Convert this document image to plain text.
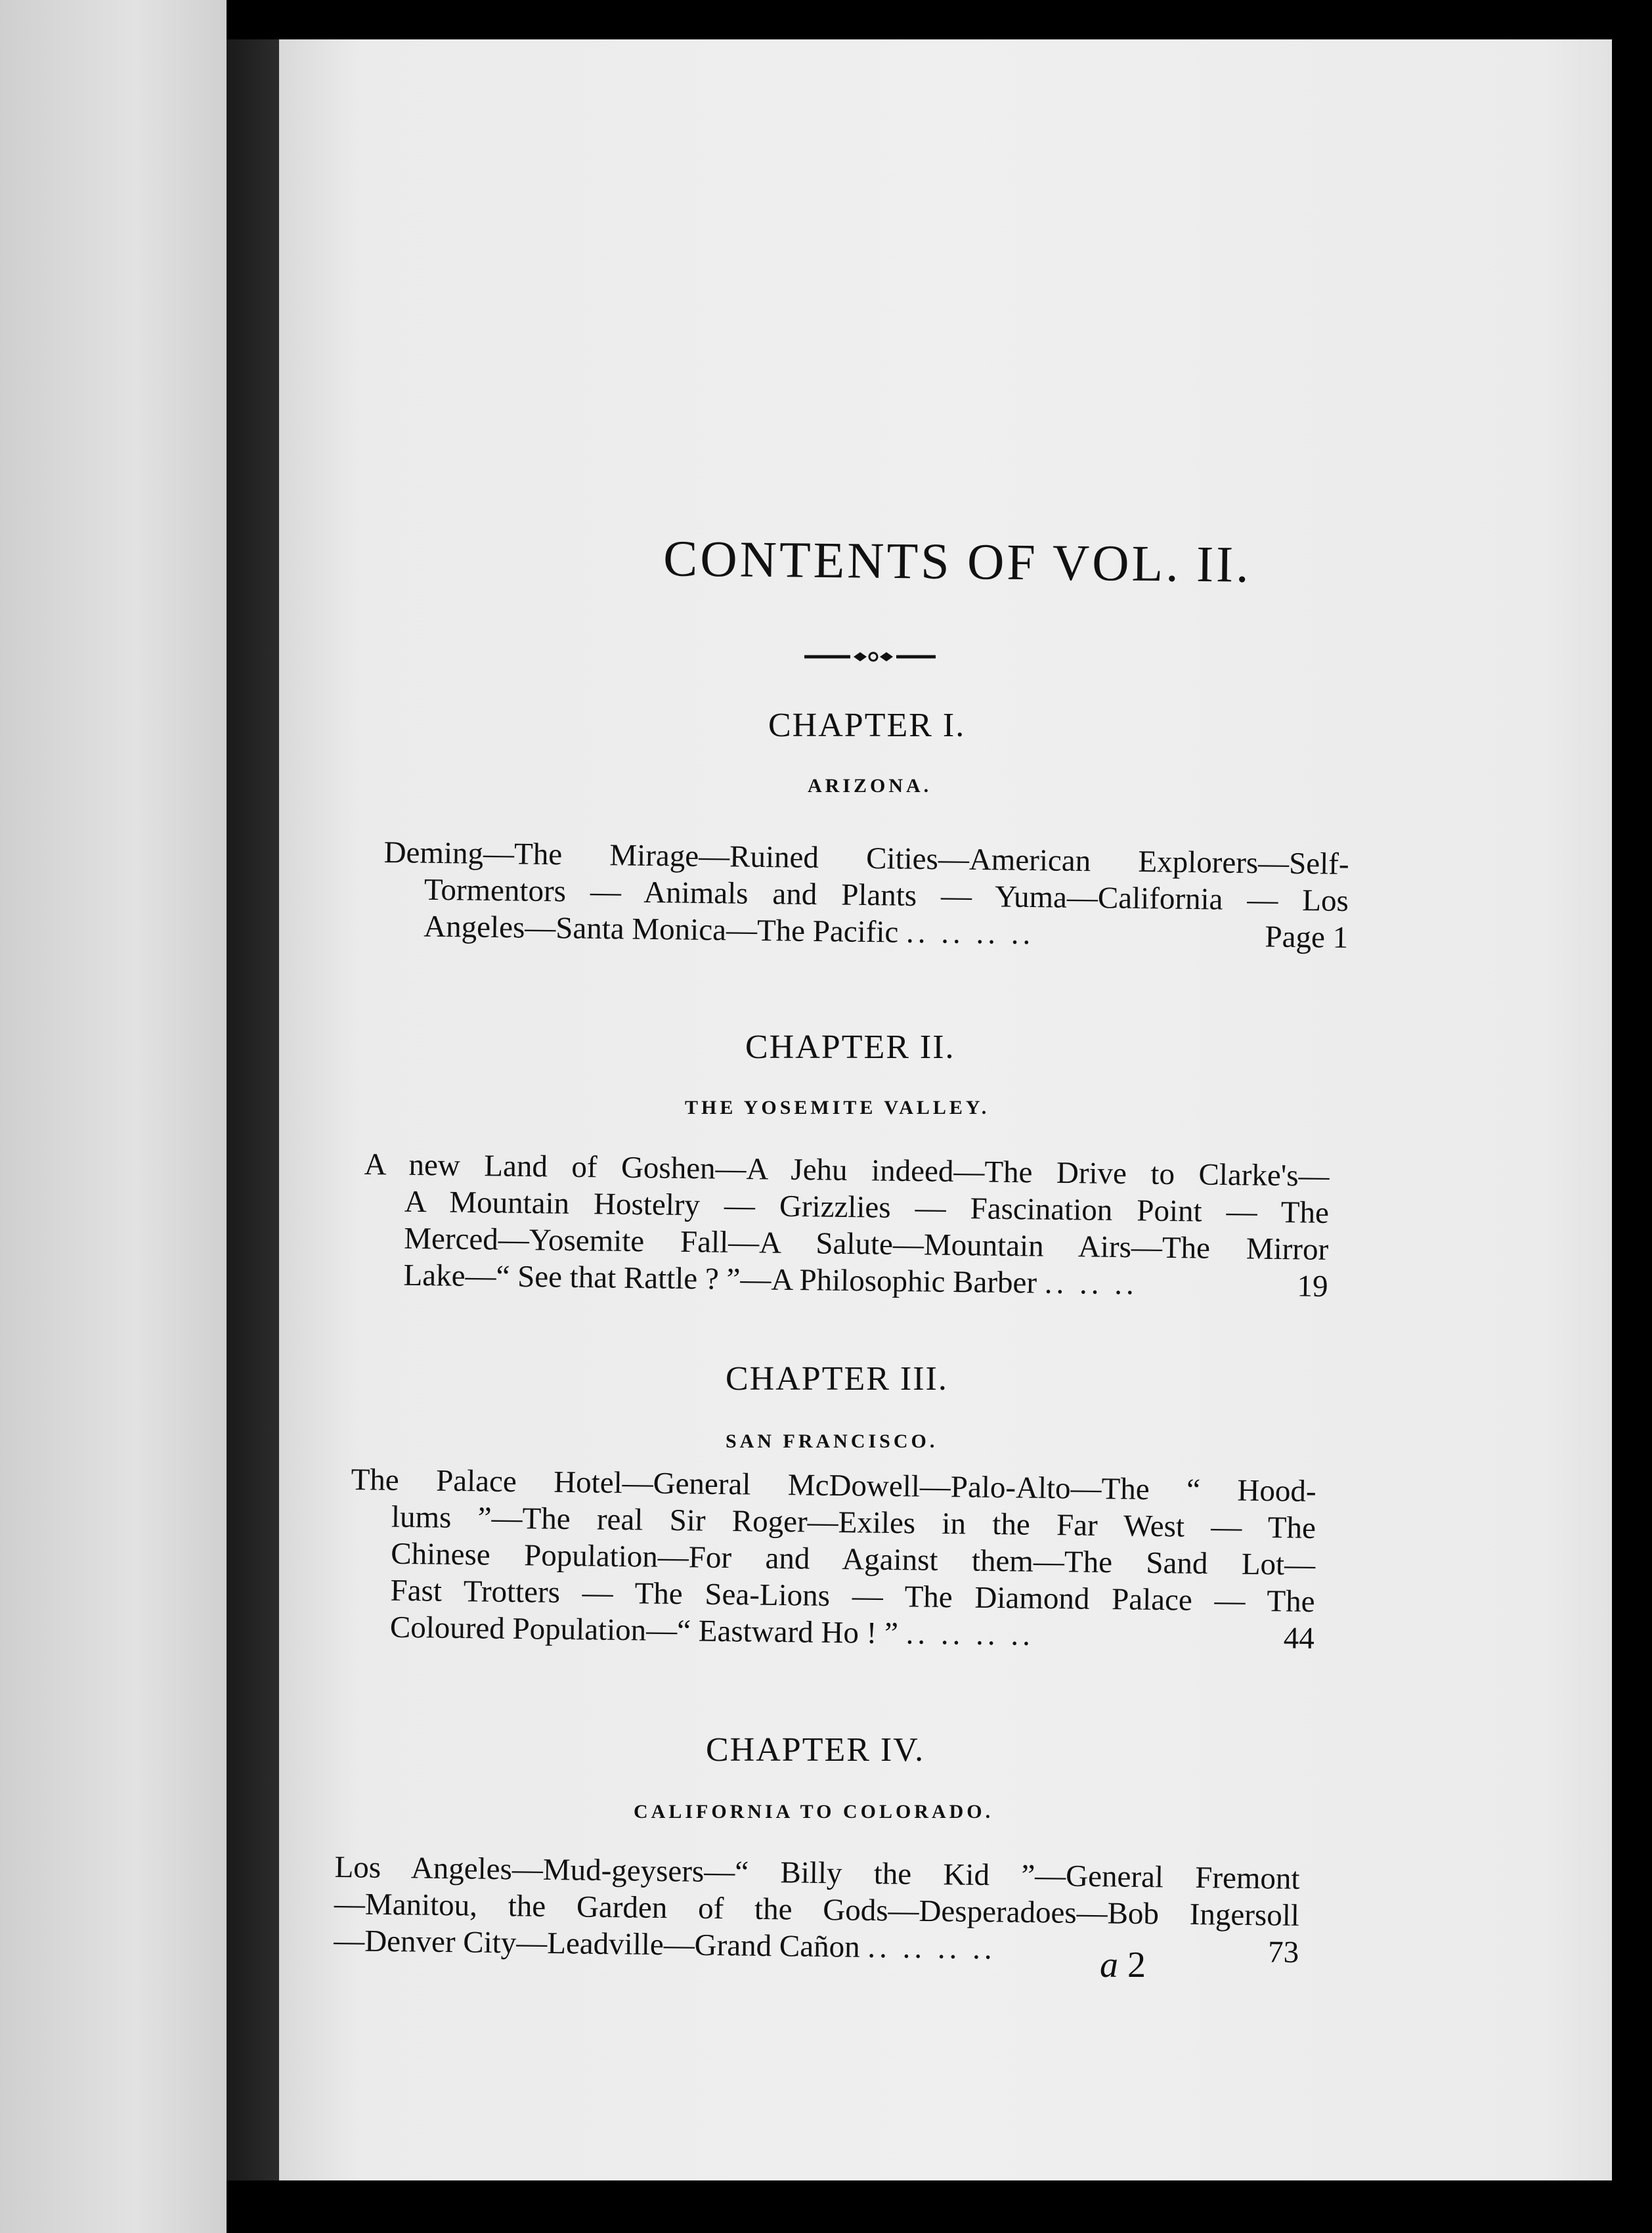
CONTENTS OF VOL. II.
CHAPTER I.
ARIZONA.
Deming—The Mirage—Ruined Cities—American Explorers—Self-
Tormentors — Animals and Plants — Yuma—California — Los
Angeles—Santa Monica—The Pacific .. .. .. ..	Page 1
CHAPTER II.
THE YOSEMITE VALLEY.
A new Land of Goshen—A Jehu indeed—The Drive to Clarke's—
A Mountain Hostelry — Grizzlies — Fascination Point — The
Merced—Yosemite Fall—A Salute—Mountain Airs—The Mirror
Lake—“ See that Rattle ? ”—A Philosophic Barber .. .. ..	19
CHAPTER III.
SAN FRANCISCO.
The Palace Hotel—General McDowell—Palo-Alto—The “ Hood-
lums ”—The real Sir Roger—Exiles in the Far West — The
Chinese Population—For and Against them—The Sand Lot—
Fast Trotters — The Sea-Lions — The Diamond Palace — The
Coloured Population—“ Eastward Ho ! ” .. .. .. ..	44
CHAPTER IV.
CALIFORNIA TO COLORADO.
Los Angeles—Mud-geysers—“ Billy the Kid ”—General Fremont
—Manitou, the Garden of the Gods—Desperadoes—Bob Ingersoll
—Denver City—Leadville—Grand Cañon .. .. .. ..	73
a 2
